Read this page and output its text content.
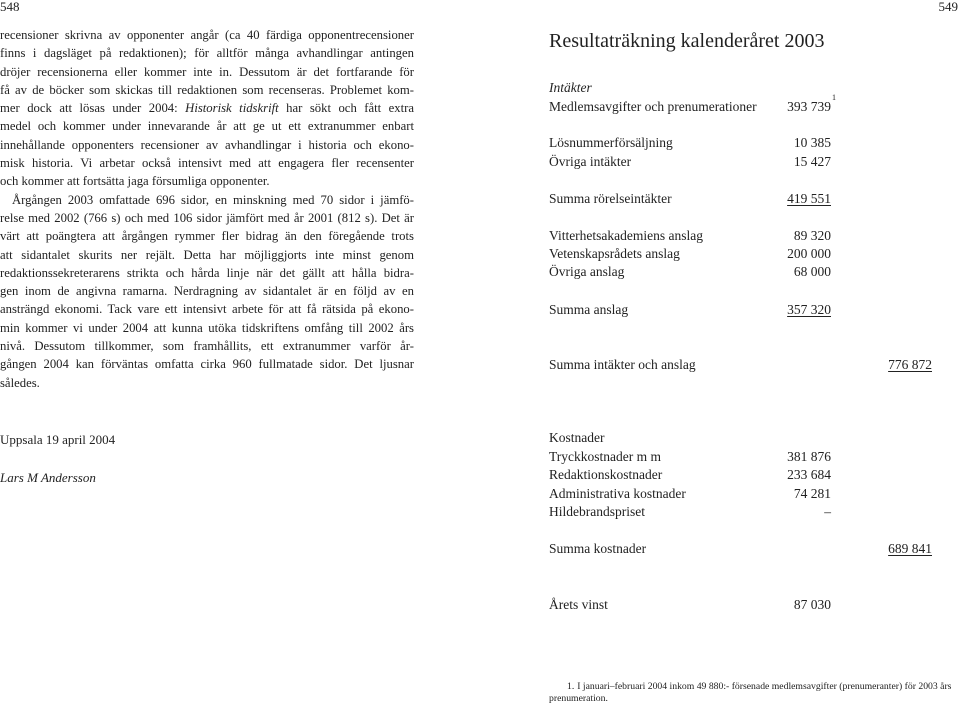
548
recensioner skrivna av opponenter angår (ca 40 färdiga opponentrecensioner
finns i dagsläget på redaktionen); för alltför många avhandlingar antingen
dröjer recensionerna eller kommer inte in. Dessutom är det fortfarande för
få av de böcker som skickas till redaktionen som recenseras. Problemet kom-
mer dock att lösas under 2004: Historisk tidskrift har sökt och fått extra
medel och kommer under innevarande år att ge ut ett extranummer enbart
innehållande opponenters recensioner av avhandlingar i historia och ekono-
misk historia. Vi arbetar också intensivt med att engagera fler recensenter
och kommer att fortsätta jaga försumliga opponenter.
Årgången 2003 omfattade 696 sidor, en minskning med 70 sidor i jämfö-
relse med 2002 (766 s) och med 106 sidor jämfört med år 2001 (812 s). Det är
värt att poängtera att årgången rymmer fler bidrag än den föregående trots
att sidantalet skurits ner rejält. Detta har möjliggjorts inte minst genom
redaktionssekreterarens strikta och hårda linje när det gällt att hålla bidra-
gen inom de angivna ramarna. Nerdragning av sidantalet är en följd av en
ansträngd ekonomi. Tack vare ett intensivt arbete för att få rätsida på ekono-
min kommer vi under 2004 att kunna utöka tidskriftens omfång till 2002 års
nivå. Dessutom tillkommer, som framhållits, ett extranummer varför år-
gången 2004 kan förväntas omfatta cirka 960 fullmatade sidor. Det ljusnar
således.
Uppsala 19 april 2004
Lars M Andersson
549
Resultaträkning kalenderåret 2003
Intäkter
Medlemsavgifter och prenumerationer 393 739
1
Lösnummerförsäljning	10 385
Övriga intäkter	15 427
Summa rörelseintäkter	419 551
Vitterhetsakademiens anslag	89 320
Vetenskapsrådets anslag	200 000
Övriga anslag	68 000
Summa anslag	357 320
Summa intäkter och anslag	776 872
Kostnader
Tryckkostnader m m	381 876
Redaktionskostnader	233 684
Administrativa kostnader	74 281
Hildebrandspriset	–
Summa kostnader	689 841
Årets vinst	87 030
1. I januari–februari 2004 inkom 49 880:- försenade medlemsavgifter (prenumeranter) för 2003 års
prenumeration.
